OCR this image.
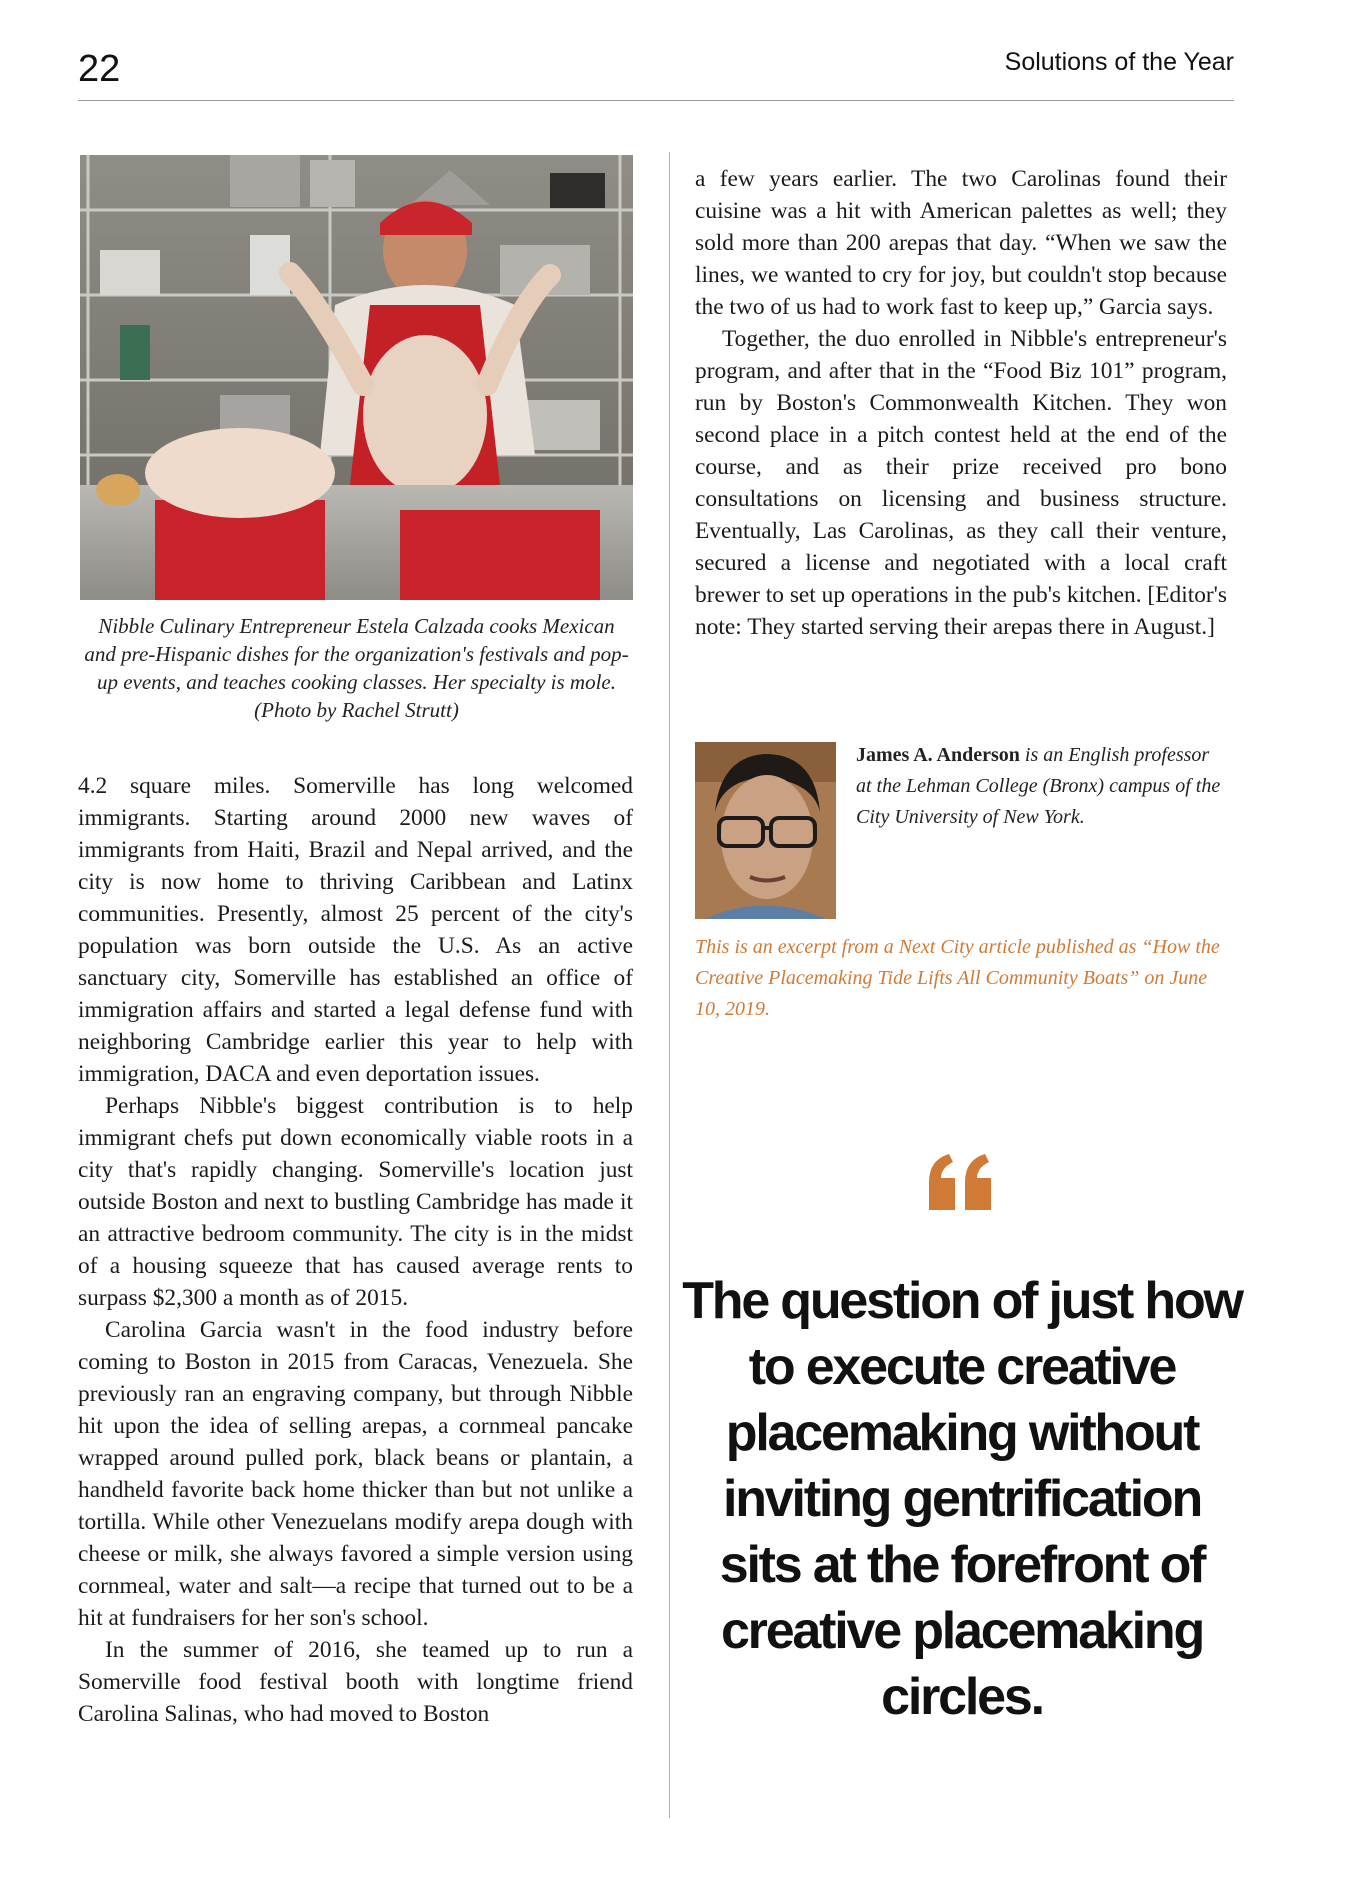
22	Solutions of the Year
Nibble Culinary Entrepreneur Estela Calzada cooks Mexican and pre-Hispanic dishes for the organization's festivals and pop-up events, and teaches cooking classes. Her specialty is mole. (Photo by Rachel Strutt)

4.2 square miles. Somerville has long welcomed immigrants. Starting around 2000 new waves of immigrants from Haiti, Brazil and Nepal arrived, and the city is now home to thriving Caribbean and Latinx communities. Presently, almost 25 percent of the city's population was born outside the U.S. As an active sanctuary city, Somerville has established an office of immigration affairs and started a legal defense fund with neighboring Cambridge earlier this year to help with immigration, DACA and even deportation issues.

Perhaps Nibble's biggest contribution is to help immigrant chefs put down economically viable roots in a city that's rapidly changing. Somerville's location just outside Boston and next to bustling Cambridge has made it an attractive bedroom community. The city is in the midst of a housing squeeze that has caused average rents to surpass $2,300 a month as of 2015.

Carolina Garcia wasn't in the food industry before coming to Boston in 2015 from Caracas, Venezuela. She previously ran an engraving company, but through Nibble hit upon the idea of selling arepas, a cornmeal pancake wrapped around pulled pork, black beans or plantain, a handheld favorite back home thicker than but not unlike a tortilla. While other Venezuelans modify arepa dough with cheese or milk, she always favored a simple version using cornmeal, water and salt—a recipe that turned out to be a hit at fundraisers for her son's school.

In the summer of 2016, she teamed up to run a Somerville food festival booth with longtime friend Carolina Salinas, who had moved to Boston

a few years earlier. The two Carolinas found their cuisine was a hit with American palettes as well; they sold more than 200 arepas that day. “When we saw the lines, we wanted to cry for joy, but couldn't stop because the two of us had to work fast to keep up,” Garcia says.

Together, the duo enrolled in Nibble's entrepreneur's program, and after that in the “Food Biz 101” program, run by Boston's Commonwealth Kitchen. They won second place in a pitch contest held at the end of the course, and as their prize received pro bono consultations on licensing and business structure. Eventually, Las Carolinas, as they call their venture, secured a license and negotiated with a local craft brewer to set up operations in the pub's kitchen. [Editor's note: They started serving their arepas there in August.]

James A. Anderson is an English professor at the Lehman College (Bronx) campus of the City University of New York.
This is an excerpt from a Next City article published as “How the Creative Placemaking Tide Lifts All Community Boats” on June 10, 2019.
The question of just how to execute creative placemaking without inviting gentrification sits at the forefront of creative placemaking circles.
